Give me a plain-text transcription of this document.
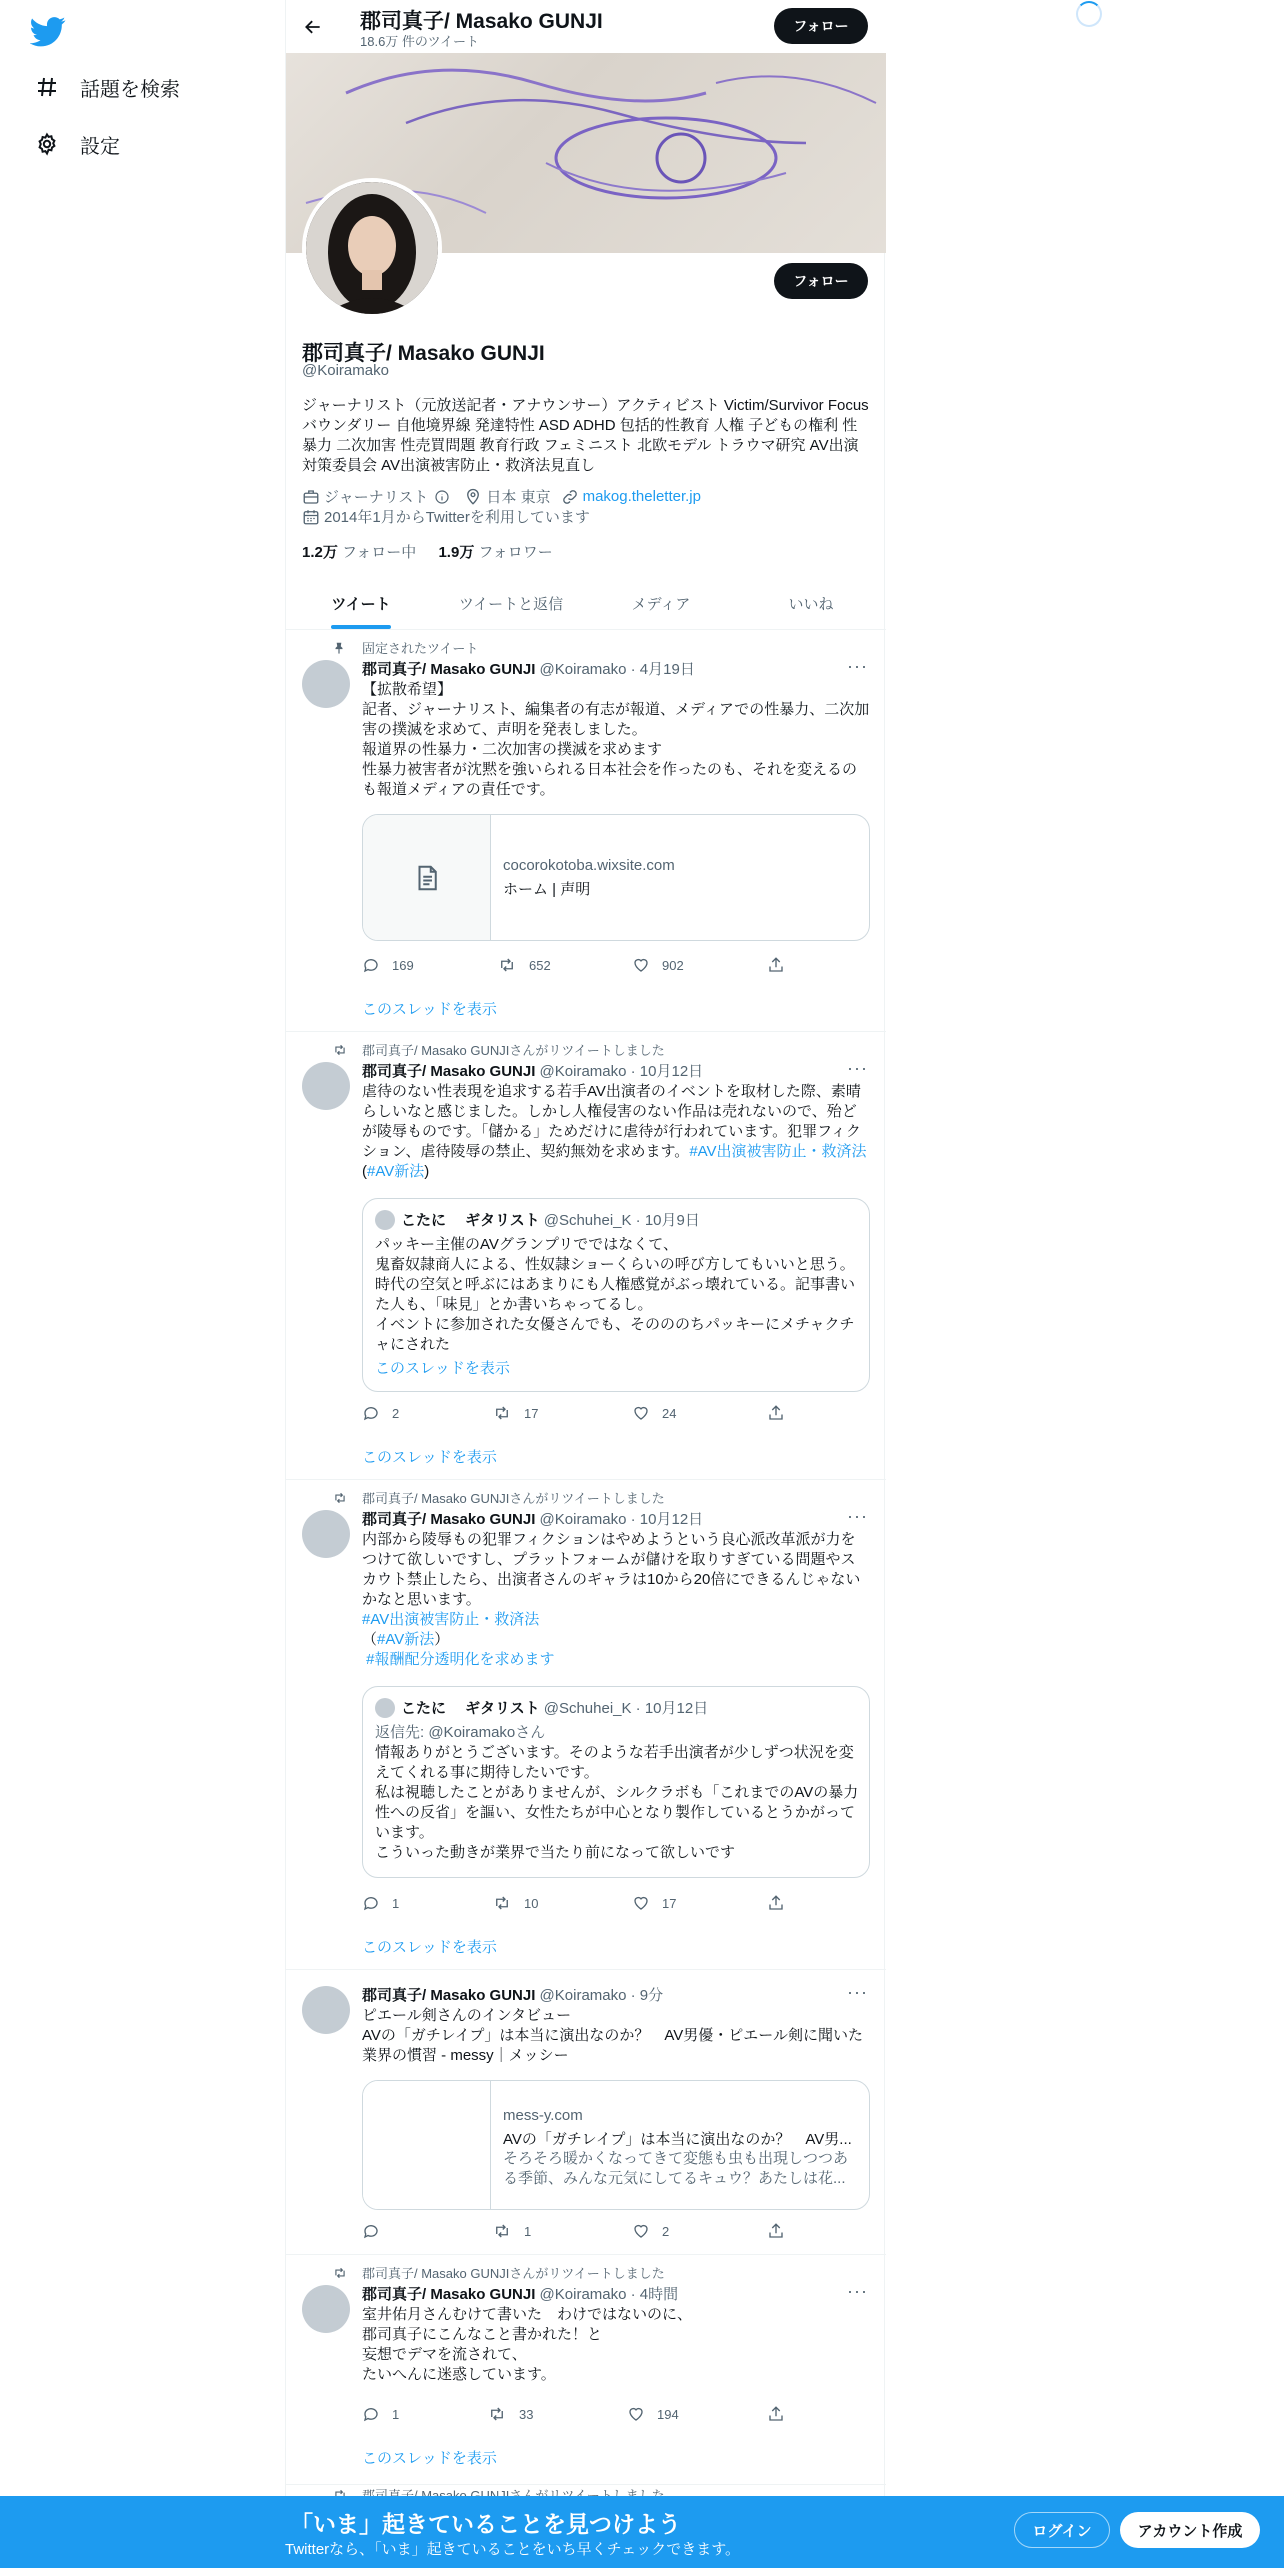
話題を検索
設定
郡司真子/ Masako GUNJI
18.6万 件のツイート
フォロー
フォロー
郡司真子/ Masako GUNJI
@Koiramako
ジャーナリスト（元放送記者・アナウンサー）アクティビスト Victim/Survivor Focus バウンダリー 自他境界線 発達特性 ASD ADHD 包括的性教育 人権 子どもの権利 性暴力 二次加害 性売買問題 教育行政 フェミニスト 北欧モデル トラウマ研究 AV出演対策委員会 AV出演被害防止・救済法見直し
ジャーナリスト	日本 東京 makog.theletter.jp
2014年1月からTwitterを利用しています
1.2万 フォロー中 1.9万 フォロワー
ツイート	ツイートと返信	メディア	いいね
固定されたツイート
郡司真子/ Masako GUNJI @Koiramako · 4月19日	···
【拡散希望】
記者、ジャーナリスト、編集者の有志が報道、メディアでの性暴力、二次加害の撲滅を求めて、声明を発表しました。
報道界の性暴力・二次加害の撲滅を求めます
性暴力被害者が沈黙を強いられる日本社会を作ったのも、それを変えるのも報道メディアの責任です。
cocorokotoba.wixsite.com
ホーム | 声明
169	652	902
このスレッドを表示
郡司真子/ Masako GUNJIさんがリツイートしました
郡司真子/ Masako GUNJI @Koiramako · 10月12日	···
虐待のない性表現を追求する若手AV出演者のイベントを取材した際、素晴らしいなと感じました。しかし人権侵害のない作品は売れないので、殆どが陵辱ものです。「儲かる」ためだけに虐待が行われています。犯罪フィクション、虐待陵辱の禁止、契約無効を求めます。#AV出演被害防止・救済法　(#AV新法)
こたに　 ギタリスト @Schuhei_K · 10月9日
パッキー主催のAVグランプリでではなくて、
鬼畜奴隷商人による、性奴隷ショーくらいの呼び方してもいいと思う。
時代の空気と呼ぶにはあまりにも人権感覚がぶっ壊れている。記事書いた人も、「味見」とか書いちゃってるし。
イベントに参加された女優さんでも、そのののちパッキーにメチャクチャにされた
このスレッドを表示
2	17	24
このスレッドを表示
郡司真子/ Masako GUNJIさんがリツイートしました
郡司真子/ Masako GUNJI @Koiramako · 10月12日	···
内部から陵辱もの犯罪フィクションはやめようという良心派改革派が力をつけて欲しいですし、プラットフォームが儲けを取りすぎている問題やスカウト禁止したら、出演者さんのギャラは10から20倍にできるんじゃないかなと思います。
#AV出演被害防止・救済法
（#AV新法）
#報酬配分透明化を求めます
こたに　 ギタリスト @Schuhei_K · 10月12日
返信先: @Koiramakoさん
情報ありがとうございます。そのような若手出演者が少しずつ状況を変えてくれる事に期待したいです。
私は視聴したことがありませんが、シルクラボも「これまでのAVの暴力性への反省」を謳い、女性たちが中心となり製作しているとうかがっています。
こういった動きが業界で当たり前になって欲しいです
1	10	17
このスレッドを表示
郡司真子/ Masako GUNJI @Koiramako · 9分	···
ピエール剣さんのインタビュー
AVの「ガチレイプ」は本当に演出なのか？　AV男優・ピエール剣に聞いた業界の慣習 - messy｜メッシー
mess-y.com
AVの「ガチレイプ」は本当に演出なのか？　AV男...
そろそろ暖かくなってきて変態も虫も出現しつつある季節、みんな元気にしてるキュウ？あたしは花...
1	2
郡司真子/ Masako GUNJIさんがリツイートしました
郡司真子/ Masako GUNJI @Koiramako · 4時間	···
室井佑月さんむけて書いた　わけではないのに、
郡司真子にこんなこと書かれた！と
妄想でデマを流されて、
たいへんに迷惑しています。
1	33	194
このスレッドを表示
「いま」起きていることを見つけよう
Twitterなら、「いま」起きていることをいち早くチェックできます。
ログイン	アカウント作成
